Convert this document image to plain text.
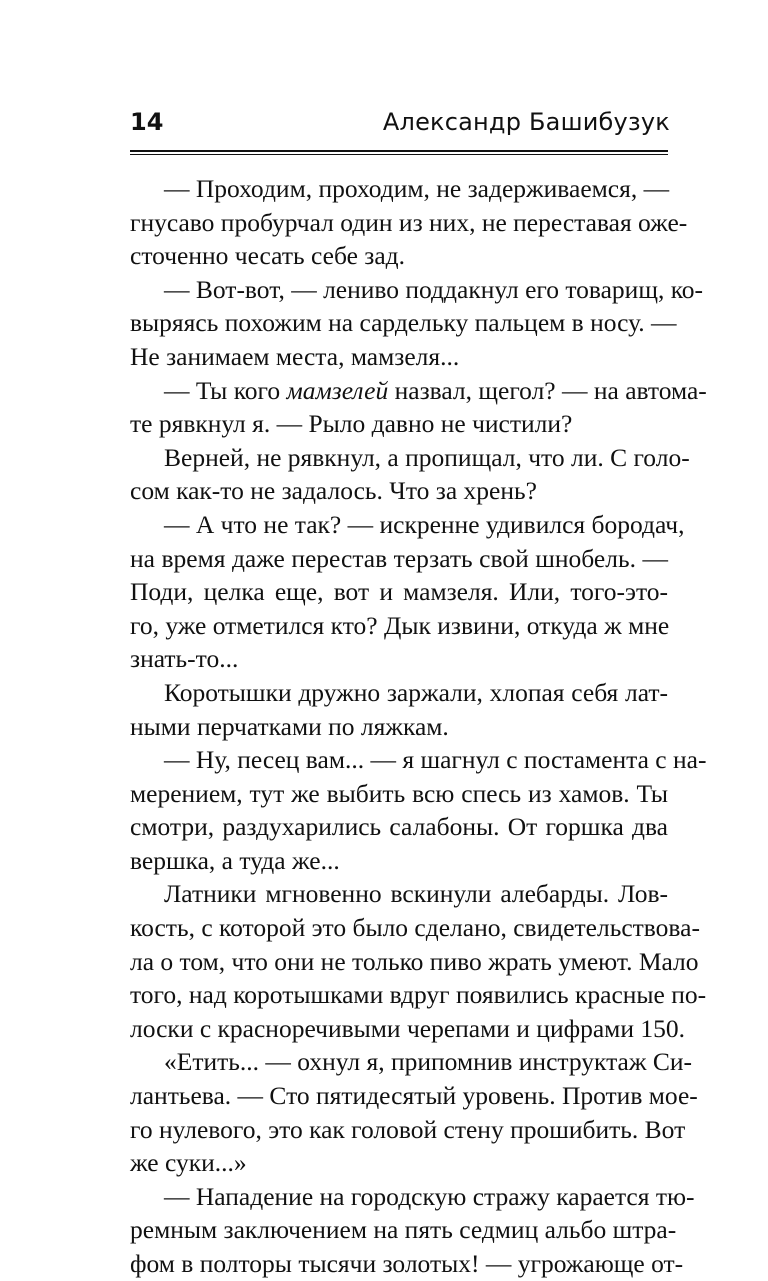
14	Александр Башибузук
— Проходим, проходим, не задерживаемся, —
гнусаво пробурчал один из них, не переставая оже-
сточенно чесать себе зад.
— Вот-вот, — лениво поддакнул его товарищ, ко-
выряясь похожим на сардельку пальцем в носу. —
Не занимаем места, мамзеля...
— Ты кого мамзелей назвал, щегол? — на автома-
те рявкнул я. — Рыло давно не чистили?
Верней, не рявкнул, а пропищал, что ли. С голо-
сом как-то не задалось. Что за хрень?
— А что не так? — искренне удивился бородач,
на время даже перестав терзать свой шнобель. —
Поди, целка еще, вот и мамзеля. Или, того-это-
го, уже отметился кто? Дык извини, откуда ж мне
знать-то...
Коротышки дружно заржали, хлопая себя лат-
ными перчатками по ляжкам.
— Ну, песец вам... — я шагнул с постамента с на-
мерением, тут же выбить всю спесь из хамов. Ты
смотри, раздухарились салабоны. От горшка два
вершка, а туда же...
Латники мгновенно вскинули алебарды. Лов-
кость, с которой это было сделано, свидетельствова-
ла о том, что они не только пиво жрать умеют. Мало
того, над коротышками вдруг появились красные по-
лоски с красноречивыми черепами и цифрами 150.
«Етить... — охнул я, припомнив инструктаж Си-
лантьева. — Сто пятидесятый уровень. Против мое-
го нулевого, это как головой стену прошибить. Вот
же суки...»
— Нападение на городскую стражу карается тю-
ремным заключением на пять седмиц альбо штра-
фом в полторы тысячи золотых! — угрожающе от-
